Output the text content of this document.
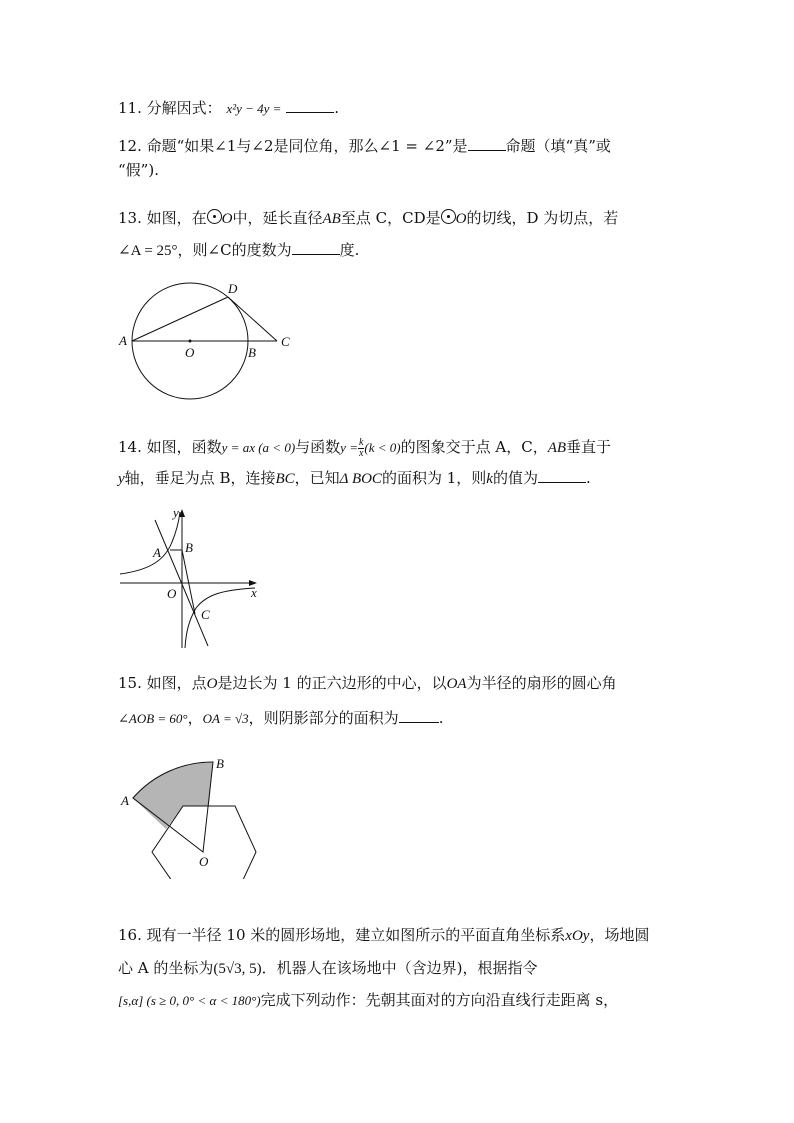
11. 分解因式： x²y − 4y =	.
12. 命题“如果∠1与∠2是同位角，那么∠1 = ∠2”是	命题（填“真”或
“假”).
13. 如图，在 O中，延长直径AB至点 C，CD是 O的切线，D 为切点，若
∠A = 25°，则∠C的度数为	度.
A
O	B
C
D
14. 如图，函数y = ax (a < 0)与函数$y = \frac{k}{x} (k < 0)$的图象交于点 A，C，AB垂直于
y轴，垂足为点 B，连接BC，已知Δ BOC的面积为 1，则k的值为	.
y
x
A B
O
C
15. 如图，点O是边长为 1 的正六边形的中心，以OA为半径的扇形的圆心角
∠AOB = 60°，OA = √3，则阴影部分的面积为	.
A
B
O
16. 现有一半径 10 米的圆形场地，建立如图所示的平面直角坐标系xOy，场地圆
心 A 的坐标为(5√3, 5)．机器人在该场地中（含边界)，根据指令
[s,α] (s ≥ 0, 0° < α < 180°)完成下列动作：先朝其面对的方向沿直线行走距离 s，
